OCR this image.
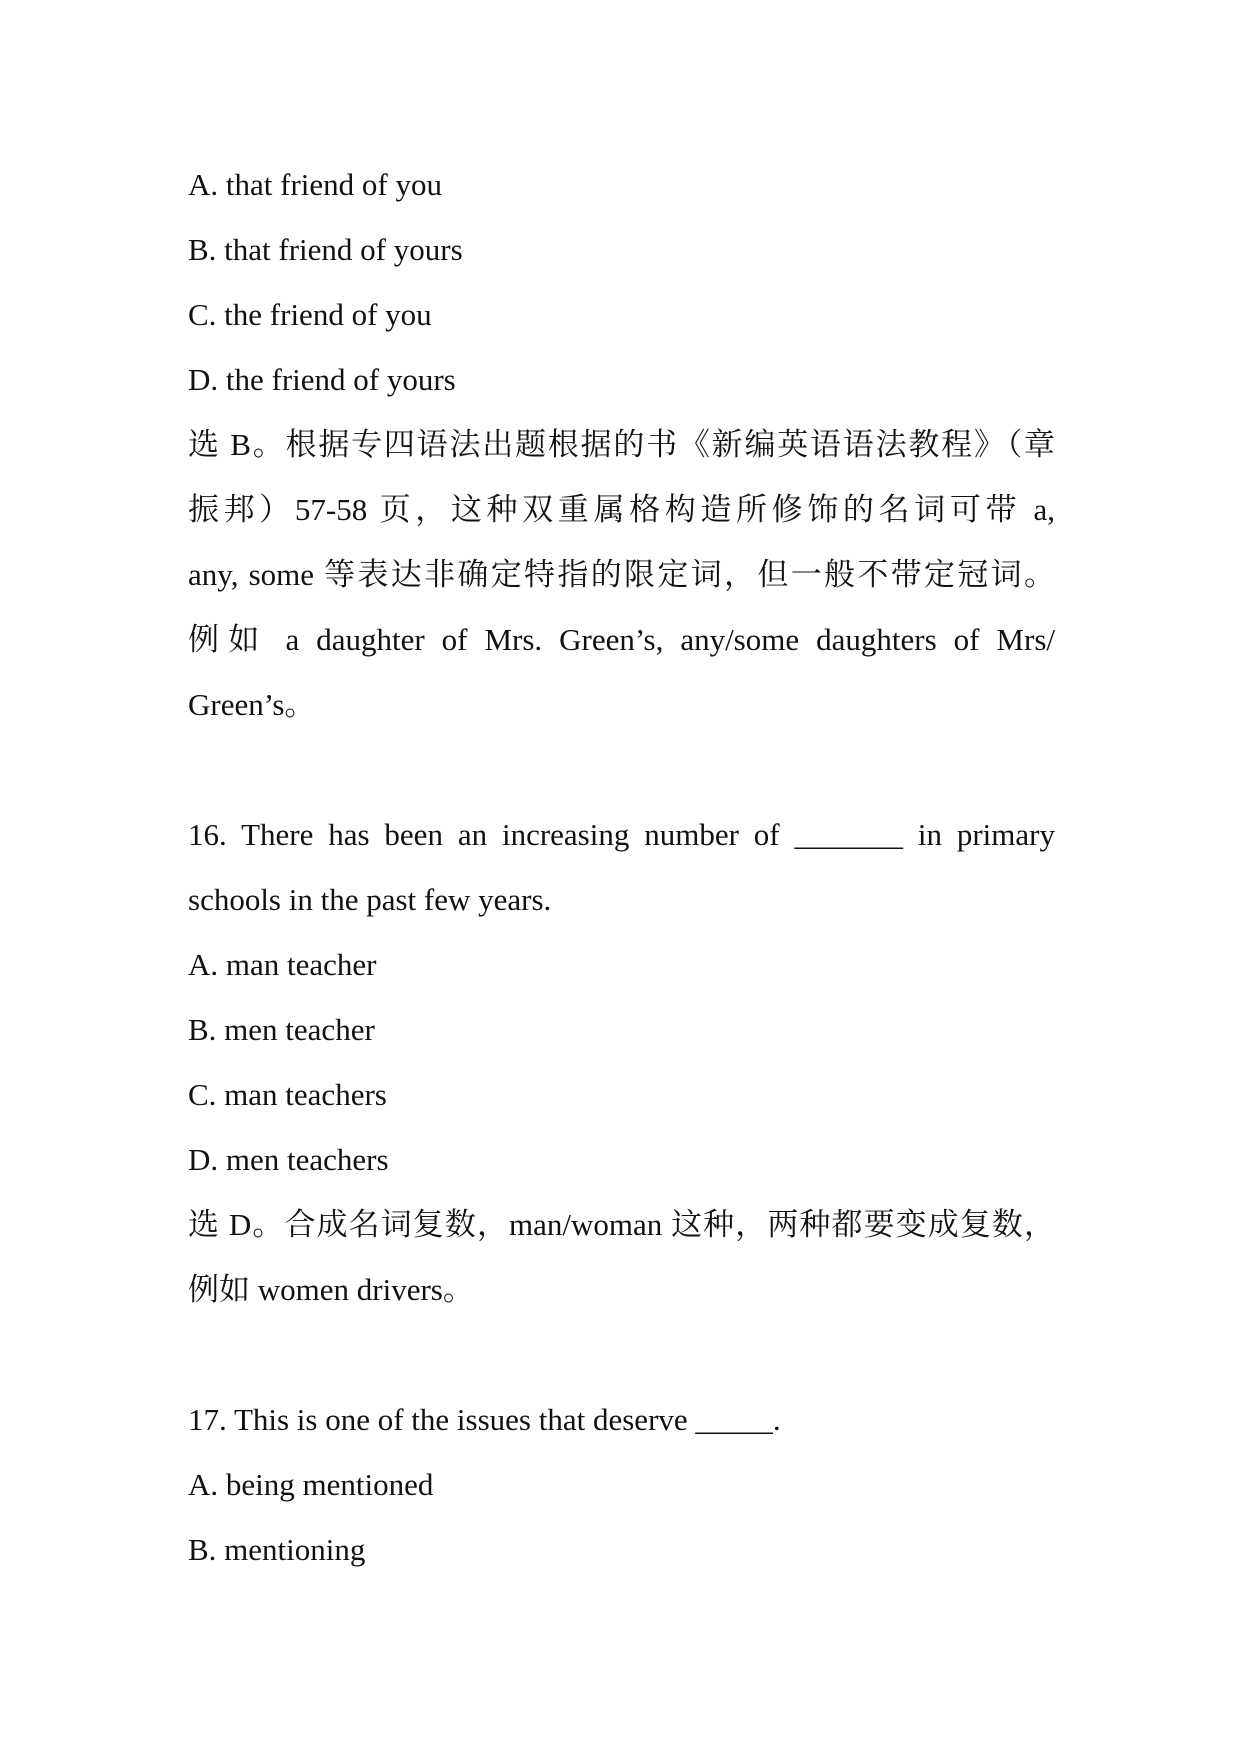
A. that friend of you
B. that friend of yours
C. the friend of you
D. the friend of yours
选 B。根据专四语法出题根据的书《新编英语语法教程》（章
振邦）57-58 页，这种双重属格构造所修饰的名词可带 a,
any, some 等表达非确定特指的限定词，但一般不带定冠词。
例如 a daughter of Mrs. Green’s, any/some daughters of Mrs/
Green’s。
16. There has been an increasing number of _______ in primary
schools in the past few years.
A. man teacher
B. men teacher
C. man teachers
D. men teachers
选 D。合成名词复数，man/woman 这种，两种都要变成复数，
例如 women drivers。
17. This is one of the issues that deserve _____.
A. being mentioned
B. mentioning
